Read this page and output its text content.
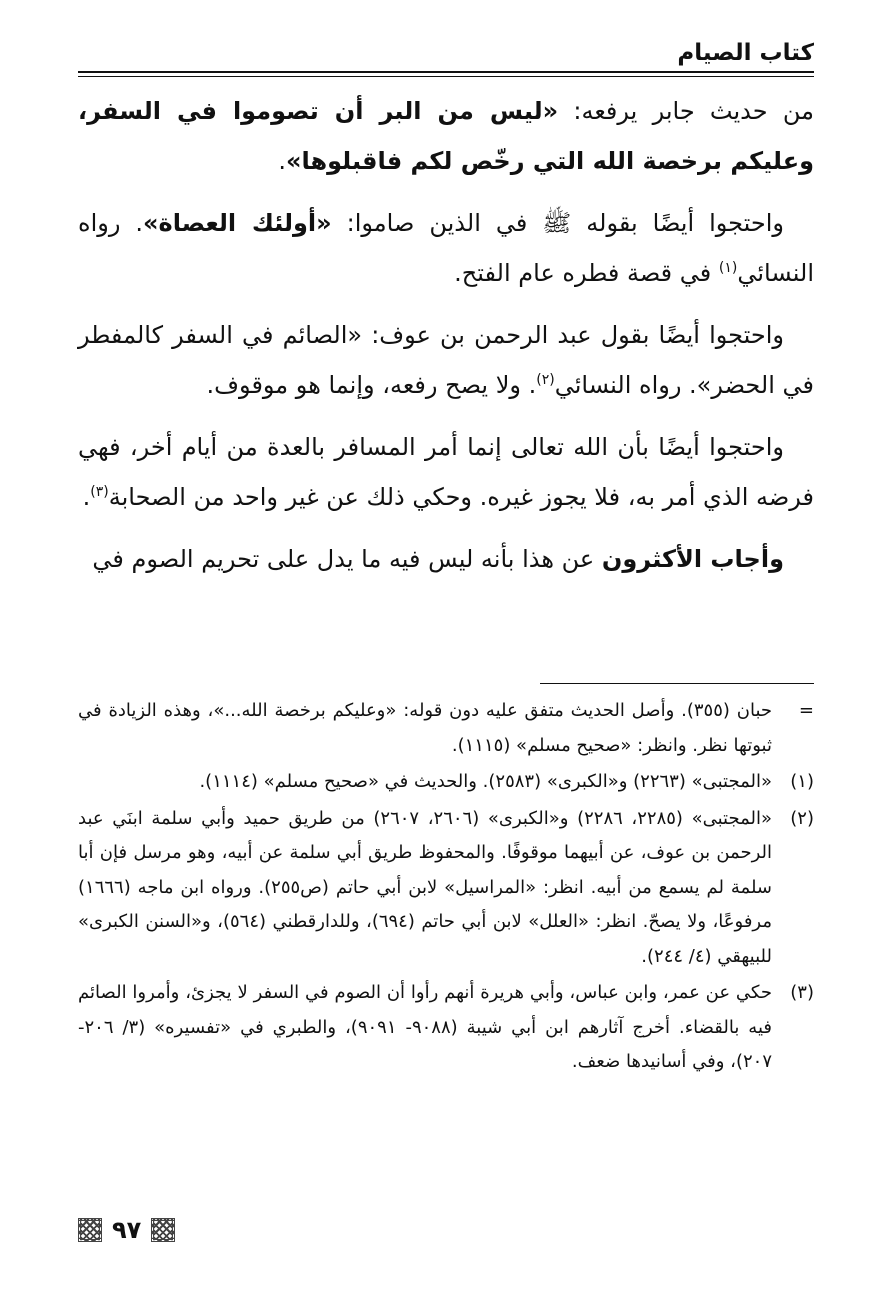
كتاب الصيام

من حديث جابر يرفعه: «ليس من البر أن تصوموا في السفر، وعليكم برخصة الله التي رخّص لكم فاقبلوها».

واحتجوا أيضًا بقوله ﷺ في الذين صاموا: «أولئك العصاة». رواه النسائي$^{(١)}$ في قصة فطره عام الفتح.

واحتجوا أيضًا بقول عبد الرحمن بن عوف: «الصائم في السفر كالمفطر في الحضر». رواه النسائي$^{(٢)}$. ولا يصح رفعه، وإنما هو موقوف.

واحتجوا أيضًا بأن الله تعالى إنما أمر المسافر بالعدة من أيام أخر، فهي فرضه الذي أمر به، فلا يجوز غيره. وحكي ذلك عن غير واحد من الصحابة$^{(٣)}$.

وأجاب الأكثرون عن هذا بأنه ليس فيه ما يدل على تحريم الصوم في

=
حبان (٣٥٥). وأصل الحديث متفق عليه دون قوله: «وعليكم برخصة الله...»، وهذه الزيادة في ثبوتها نظر. وانظر: «صحيح مسلم» (١١١٥).
(١)
«المجتبى» (٢٢٦٣) و«الكبرى» (٢٥٨٣). والحديث في «صحيح مسلم» (١١١٤).
(٢)
«المجتبى» (٢٢٨٥، ٢٢٨٦) و«الكبرى» (٢٦٠٦، ٢٦٠٧) من طريق حميد وأبي سلمة ابنَي عبد الرحمن بن عوف، عن أبيهما موقوفًا. والمحفوظ طريق أبي سلمة عن أبيه، وهو مرسل فإن أبا سلمة لم يسمع من أبيه. انظر: «المراسيل» لابن أبي حاتم (ص٢٥٥). ورواه ابن ماجه (١٦٦٦) مرفوعًا، ولا يصحّ. انظر: «العلل» لابن أبي حاتم (٦٩٤)، وللدارقطني (٥٦٤)، و«السنن الكبرى» للبيهقي (٤/ ٢٤٤).
(٣)
حكي عن عمر، وابن عباس، وأبي هريرة أنهم رأوا أن الصوم في السفر لا يجزئ، وأمروا الصائم فيه بالقضاء. أخرج آثارهم ابن أبي شيبة (٩٠٨٨- ٩٠٩١)، والطبري في «تفسيره» (٣/ ٢٠٦- ٢٠٧)، وفي أسانيدها ضعف.
٩٧
